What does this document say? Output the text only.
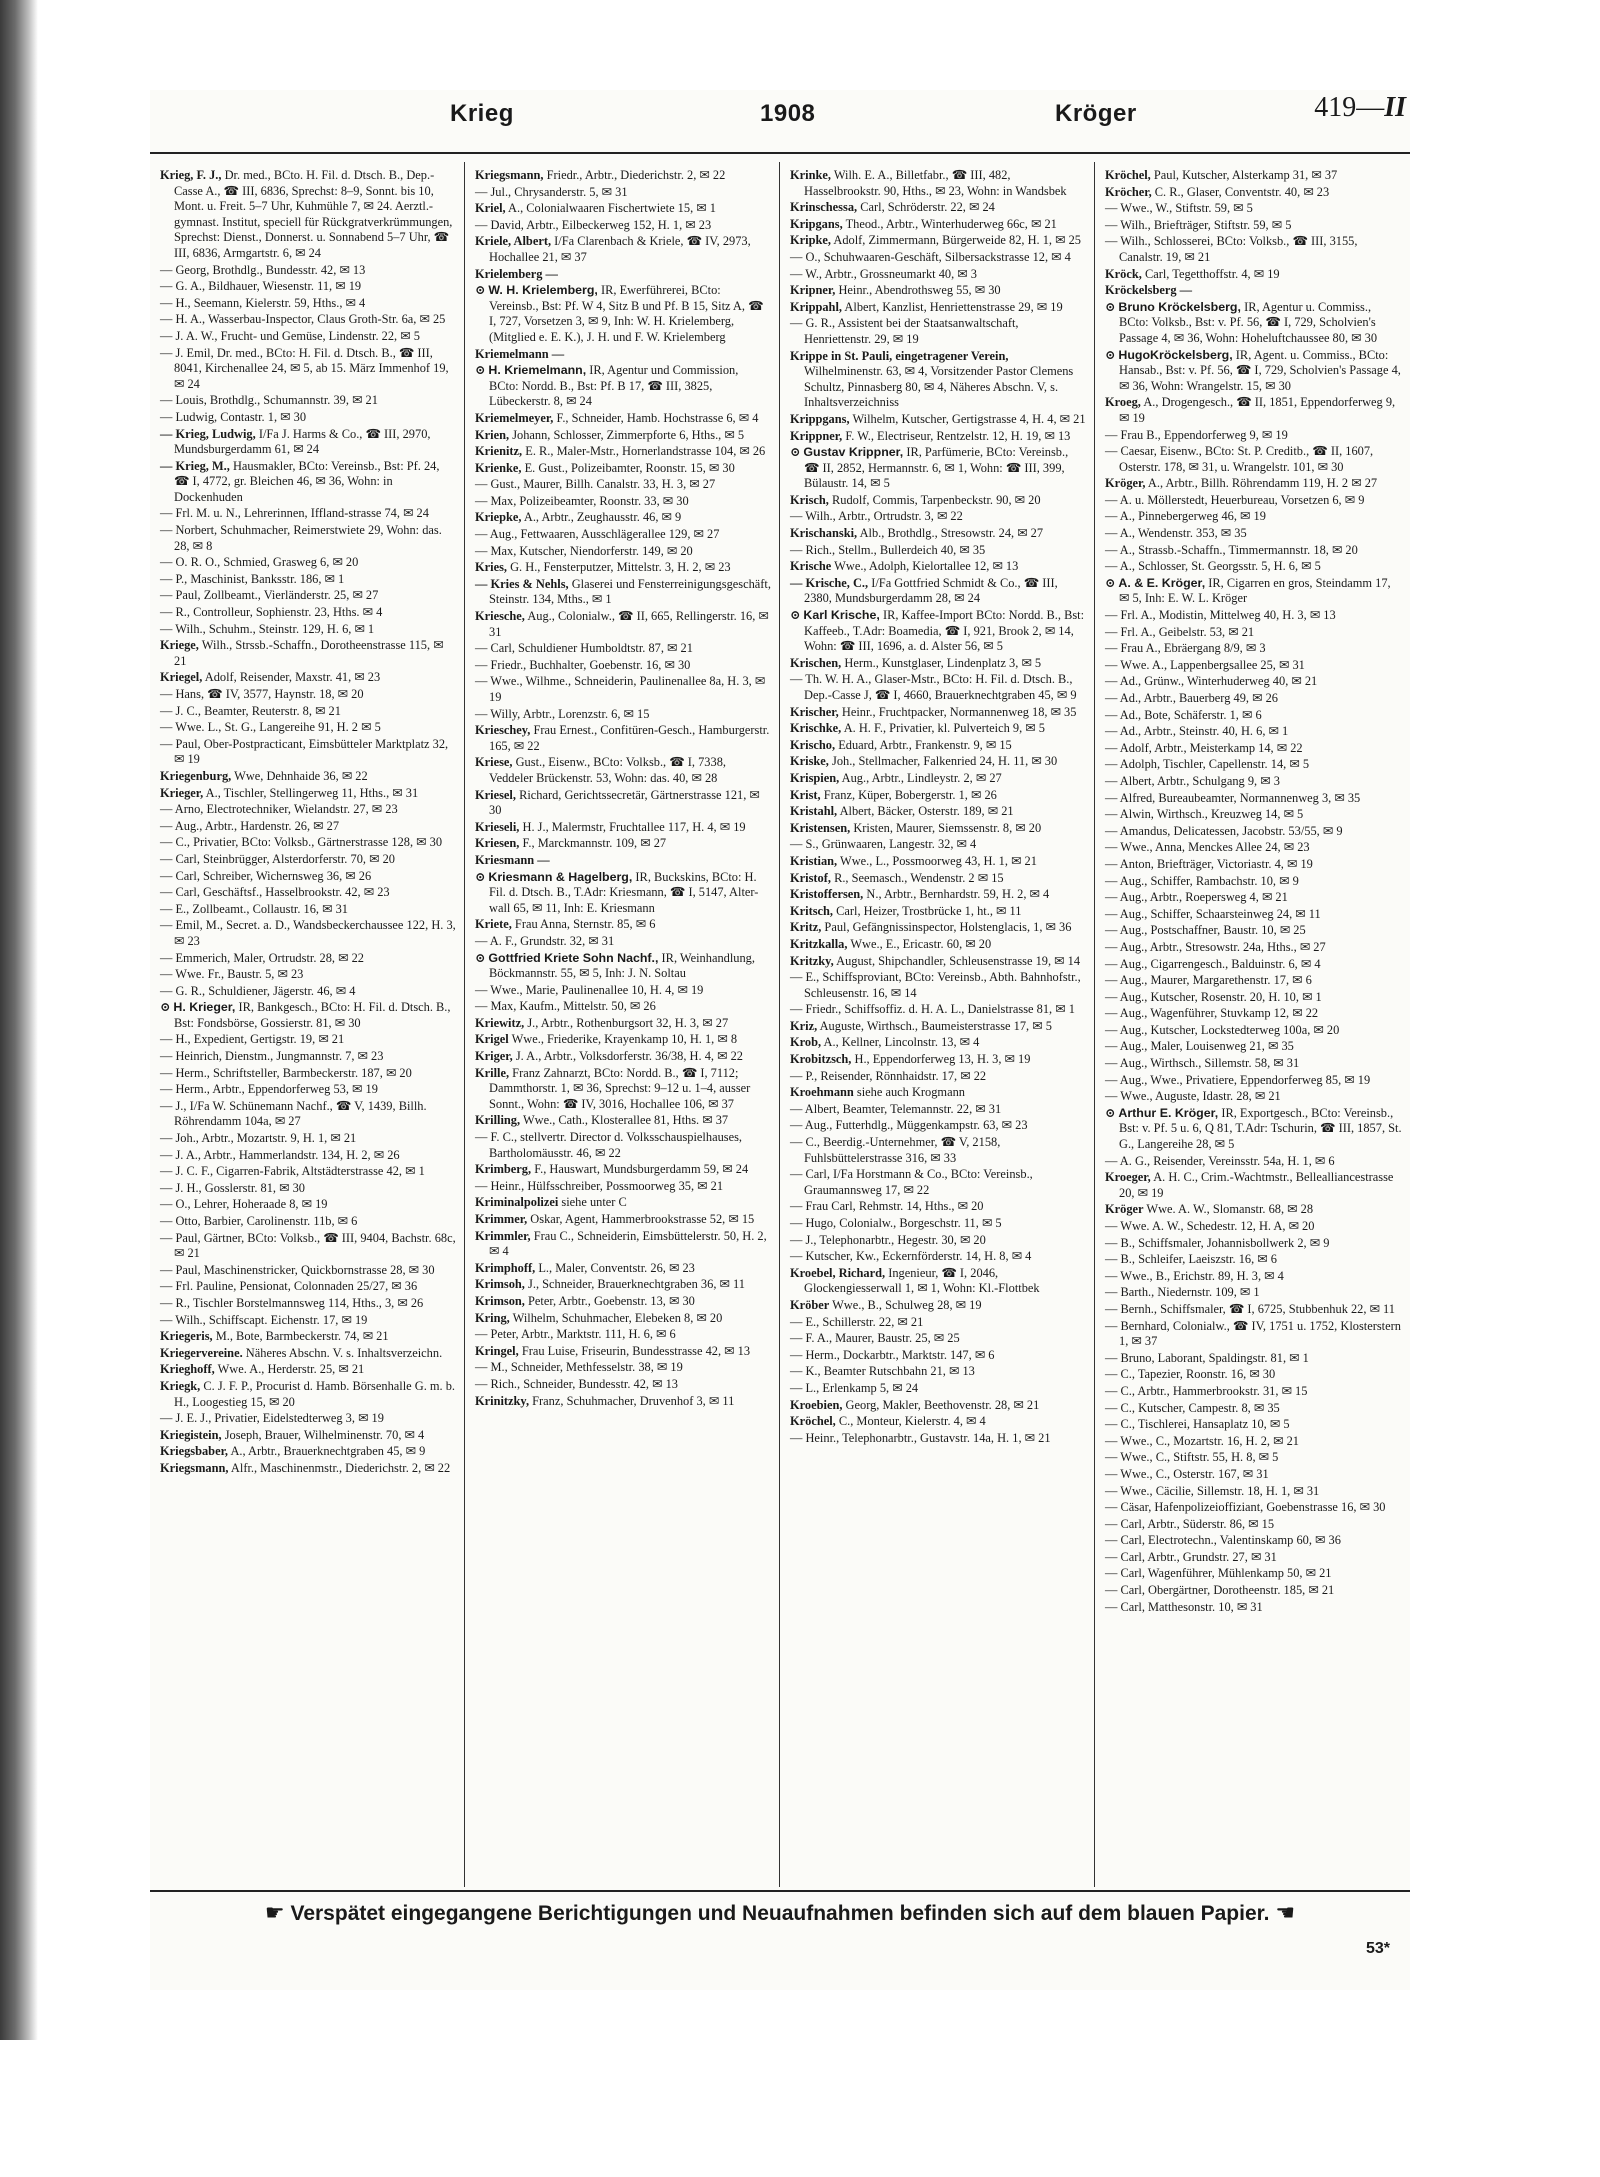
Krieg	1908	Kröger	419—II
Krieg, F. J., Dr. med., BCto. H. Fil. d. Dtsch. B., Dep.-Casse A., ☎ III, 6836, Sprechst: 8–9, Sonnt. bis 10, Mont. u. Freit. 5–7 Uhr, Kuhmühle 7, ✉ 24. Aerztl.-gymnast. Institut, speciell für Rückgratverkrümmungen, Sprechst: Dienst., Donnerst. u. Sonnabend 5–7 Uhr, ☎ III, 6836, Armgartstr. 6, ✉ 24
— Georg, Brothdlg., Bundesstr. 42, ✉ 13
— G. A., Bildhauer, Wiesenstr. 11, ✉ 19
— H., Seemann, Kielerstr. 59, Hths., ✉ 4
— H. A., Wasserbau-Inspector, Claus Groth-Str. 6a, ✉ 25
— J. A. W., Frucht- und Gemüse, Lindenstr. 22, ✉ 5
— J. Emil, Dr. med., BCto: H. Fil. d. Dtsch. B., ☎ III, 8041, Kirchenallee 24, ✉ 5, ab 15. März Immenhof 19, ✉ 24
— Louis, Brothdlg., Schumannstr. 39, ✉ 21
— Ludwig, Contastr. 1, ✉ 30
— Krieg, Ludwig, I/Fa J. Harms & Co., ☎ III, 2970, Mundsburgerdamm 61, ✉ 24
— Krieg, M., Hausmakler, BCto: Vereinsb., Bst: Pf. 24, ☎ I, 4772, gr. Bleichen 46, ✉ 36, Wohn: in Dockenhuden
— Frl. M. u. N., Lehrerinnen, Iffland-strasse 74, ✉ 24
— Norbert, Schuhmacher, Reimerstwiete 29, Wohn: das. 28, ✉ 8
— O. R. O., Schmied, Grasweg 6, ✉ 20
— P., Maschinist, Banksstr. 186, ✉ 1
— Paul, Zollbeamt., Vierländerstr. 25, ✉ 27
— R., Controlleur, Sophienstr. 23, Hths. ✉ 4
— Wilh., Schuhm., Steinstr. 129, H. 6, ✉ 1
Kriege, Wilh., Strssb.-Schaffn., Dorotheenstrasse 115, ✉ 21
Kriegel, Adolf, Reisender, Maxstr. 41, ✉ 23
— Hans, ☎ IV, 3577, Haynstr. 18, ✉ 20
— J. C., Beamter, Reuterstr. 8, ✉ 21
— Wwe. L., St. G., Langereihe 91, H. 2 ✉ 5
— Paul, Ober-Postpracticant, Eimsbütteler Marktplatz 32, ✉ 19
Kriegenburg, Wwe, Dehnhaide 36, ✉ 22
Krieger, A., Tischler, Stellingerweg 11, Hths., ✉ 31
— Arno, Electrotechniker, Wielandstr. 27, ✉ 23
— Aug., Arbtr., Hardenstr. 26, ✉ 27
— C., Privatier, BCto: Volksb., Gärtnerstrasse 128, ✉ 30
— Carl, Steinbrügger, Alsterdorferstr. 70, ✉ 20
— Carl, Schreiber, Wichernsweg 36, ✉ 26
— Carl, Geschäftsf., Hasselbrookstr. 42, ✉ 23
— E., Zollbeamt., Collaustr. 16, ✉ 31
— Emil, M., Secret. a. D., Wandsbeckerchaussee 122, H. 3, ✉ 23
— Emmerich, Maler, Ortrudstr. 28, ✉ 22
— Wwe. Fr., Baustr. 5, ✉ 23
— G. R., Schuldiener, Jägerstr. 46, ✉ 4
⊙ H. Krieger, IR, Bankgesch., BCto: H. Fil. d. Dtsch. B., Bst: Fondsbörse, Gossierstr. 81, ✉ 30
— H., Expedient, Gertigstr. 19, ✉ 21
— Heinrich, Dienstm., Jungmannstr. 7, ✉ 23
— Herm., Schriftsteller, Barmbeckerstr. 187, ✉ 20
— Herm., Arbtr., Eppendorferweg 53, ✉ 19
— J., I/Fa W. Schünemann Nachf., ☎ V, 1439, Billh. Röhrendamm 104a, ✉ 27
— Joh., Arbtr., Mozartstr. 9, H. 1, ✉ 21
— J. A., Arbtr., Hammerlandstr. 134, H. 2, ✉ 26
— J. C. F., Cigarren-Fabrik, Altstädterstrasse 42, ✉ 1
— J. H., Gosslerstr. 81, ✉ 30
— O., Lehrer, Hoheraade 8, ✉ 19
— Otto, Barbier, Carolinenstr. 11b, ✉ 6
— Paul, Gärtner, BCto: Volksb., ☎ III, 9404, Bachstr. 68c, ✉ 21
— Paul, Maschinenstricker, Quickbornstrasse 28, ✉ 30
— Frl. Pauline, Pensionat, Colonnaden 25/27, ✉ 36
— R., Tischler Borstelmannsweg 114, Hths., 3, ✉ 26
— Wilh., Schiffscapt. Eichenstr. 17, ✉ 19
Kriegeris, M., Bote, Barmbeckerstr. 74, ✉ 21
Kriegervereine. Näheres Abschn. V. s. Inhaltsverzeichn.
Krieghoff, Wwe. A., Herderstr. 25, ✉ 21
Kriegk, C. J. F. P., Procurist d. Hamb. Börsenhalle G. m. b. H., Loogestieg 15, ✉ 20
— J. E. J., Privatier, Eidelstedterweg 3, ✉ 19
Kriegistein, Joseph, Brauer, Wilhelminenstr. 70, ✉ 4
Kriegsbaber, A., Arbtr., Brauerknechtgraben 45, ✉ 9
Kriegsmann, Alfr., Maschinenmstr., Diederichstr. 2, ✉ 22
Kriegsmann, Friedr., Arbtr., Diederichstr. 2, ✉ 22
— Jul., Chrysanderstr. 5, ✉ 31
Kriel, A., Colonialwaaren Fischertwiete 15, ✉ 1
— David, Arbtr., Eilbeckerweg 152, H. 1, ✉ 23
Kriele, Albert, I/Fa Clarenbach & Kriele, ☎ IV, 2973, Hochallee 21, ✉ 37
Krielemberg —
⊙ W. H. Krielemberg, IR, Ewerführerei, BCto: Vereinsb., Bst: Pf. W 4, Sitz B und Pf. B 15, Sitz A, ☎ I, 727, Vorsetzen 3, ✉ 9, Inh: W. H. Krielemberg, (Mitglied e. E. K.), J. H. und F. W. Krielemberg
Kriemelmann —
⊙ H. Kriemelmann, IR, Agentur und Commission, BCto: Nordd. B., Bst: Pf. B 17, ☎ III, 3825, Lübeckerstr. 8, ✉ 24
Kriemelmeyer, F., Schneider, Hamb. Hochstrasse 6, ✉ 4
Krien, Johann, Schlosser, Zimmerpforte 6, Hths., ✉ 5
Krienitz, E. R., Maler-Mstr., Hornerlandstrasse 104, ✉ 26
Krienke, E. Gust., Polizeibamter, Roonstr. 15, ✉ 30
— Gust., Maurer, Billh. Canalstr. 33, H. 3, ✉ 27
— Max, Polizeibeamter, Roonstr. 33, ✉ 30
Kriepke, A., Arbtr., Zeughausstr. 46, ✉ 9
— Aug., Fettwaaren, Ausschlägerallee 129, ✉ 27
— Max, Kutscher, Niendorferstr. 149, ✉ 20
Kries, G. H., Fensterputzer, Mittelstr. 3, H. 2, ✉ 23
— Kries & Nehls, Glaserei und Fensterreinigungsgeschäft, Steinstr. 134, Mths., ✉ 1
Kriesche, Aug., Colonialw., ☎ II, 665, Rellingerstr. 16, ✉ 31
— Carl, Schuldiener Humboldtstr. 87, ✉ 21
— Friedr., Buchhalter, Goebenstr. 16, ✉ 30
— Wwe., Wilhme., Schneiderin, Paulinenallee 8a, H. 3, ✉ 19
— Willy, Arbtr., Lorenzstr. 6, ✉ 15
Krieschey, Frau Ernest., Confitüren-Gesch., Hamburgerstr. 165, ✉ 22
Kriese, Gust., Eisenw., BCto: Volksb., ☎ I, 7338, Veddeler Brückenstr. 53, Wohn: das. 40, ✉ 28
Kriesel, Richard, Gerichtssecretär, Gärtnerstrasse 121, ✉ 30
Krieseli, H. J., Malermstr, Fruchtallee 117, H. 4, ✉ 19
Kriesen, F., Marckmannstr. 109, ✉ 27
Kriesmann —
⊙ Kriesmann & Hagelberg, IR, Buckskins, BCto: H. Fil. d. Dtsch. B., T.Adr: Kriesmann, ☎ I, 5147, Alter-wall 65, ✉ 11, Inh: E. Kriesmann
Kriete, Frau Anna, Sternstr. 85, ✉ 6
— A. F., Grundstr. 32, ✉ 31
⊙ Gottfried Kriete Sohn Nachf., IR, Weinhandlung, Böckmannstr. 55, ✉ 5, Inh: J. N. Soltau
— Wwe., Marie, Paulinenallee 10, H. 4, ✉ 19
— Max, Kaufm., Mittelstr. 50, ✉ 26
Kriewitz, J., Arbtr., Rothenburgsort 32, H. 3, ✉ 27
Krigel Wwe., Friederike, Krayenkamp 10, H. 1, ✉ 8
Kriger, J. A., Arbtr., Volksdorferstr. 36/38, H. 4, ✉ 22
Krille, Franz Zahnarzt, BCto: Nordd. B., ☎ I, 7112; Dammthorstr. 1, ✉ 36, Sprechst: 9–12 u. 1–4, ausser Sonnt., Wohn: ☎ IV, 3016, Hochallee 106, ✉ 37
Krilling, Wwe., Cath., Klosterallee 81, Hths. ✉ 37
— F. C., stellvertr. Director d. Volksschauspielhauses, Bartholomäusstr. 46, ✉ 22
Krimberg, F., Hauswart, Mundsburgerdamm 59, ✉ 24
— Heinr., Hülfsschreiber, Possmoorweg 35, ✉ 21
Kriminalpolizei siehe unter C
Krimmer, Oskar, Agent, Hammerbrookstrasse 52, ✉ 15
Krimmler, Frau C., Schneiderin, Eimsbüttelerstr. 50, H. 2, ✉ 4
Krimphoff, L., Maler, Conventstr. 26, ✉ 23
Krimsoh, J., Schneider, Brauerknechtgraben 36, ✉ 11
Krimson, Peter, Arbtr., Goebenstr. 13, ✉ 30
Kring, Wilhelm, Schuhmacher, Elebeken 8, ✉ 20
— Peter, Arbtr., Marktstr. 111, H. 6, ✉ 6
Kringel, Frau Luise, Friseurin, Bundesstrasse 42, ✉ 13
— M., Schneider, Methfesselstr. 38, ✉ 19
— Rich., Schneider, Bundesstr. 42, ✉ 13
Krinitzky, Franz, Schuhmacher, Druvenhof 3, ✉ 11
Krinke, Wilh. E. A., Billetfabr., ☎ III, 482, Hasselbrookstr. 90, Hths., ✉ 23, Wohn: in Wandsbek
Krinschessa, Carl, Schröderstr. 22, ✉ 24
Kripgans, Theod., Arbtr., Winterhuderweg 66c, ✉ 21
Kripke, Adolf, Zimmermann, Bürgerweide 82, H. 1, ✉ 25
— O., Schuhwaaren-Geschäft, Silbersackstrasse 12, ✉ 4
— W., Arbtr., Grossneumarkt 40, ✉ 3
Kripner, Heinr., Abendrothsweg 55, ✉ 30
Krippahl, Albert, Kanzlist, Henriettenstrasse 29, ✉ 19
— G. R., Assistent bei der Staatsanwaltschaft, Henriettenstr. 29, ✉ 19
Krippe in St. Pauli, eingetragener Verein, Wilhelminenstr. 63, ✉ 4, Vorsitzender Pastor Clemens Schultz, Pinnasberg 80, ✉ 4, Näheres Abschn. V, s. Inhaltsverzeichniss
Krippgans, Wilhelm, Kutscher, Gertigstrasse 4, H. 4, ✉ 21
Krippner, F. W., Electriseur, Rentzelstr. 12, H. 19, ✉ 13
⊙ Gustav Krippner, IR, Parfümerie, BCto: Vereinsb., ☎ II, 2852, Hermannstr. 6, ✉ 1, Wohn: ☎ III, 399, Bülaustr. 14, ✉ 5
Krisch, Rudolf, Commis, Tarpenbeckstr. 90, ✉ 20
— Wilh., Arbtr., Ortrudstr. 3, ✉ 22
Krischanski, Alb., Brothdlg., Stresowstr. 24, ✉ 27
— Rich., Stellm., Bullerdeich 40, ✉ 35
Krische Wwe., Adolph, Kielortallee 12, ✉ 13
— Krische, C., I/Fa Gottfried Schmidt & Co., ☎ III, 2380, Mundsburgerdamm 28, ✉ 24
⊙ Karl Krische, IR, Kaffee-Import BCto: Nordd. B., Bst: Kaffeeb., T.Adr: Boamedia, ☎ I, 921, Brook 2, ✉ 14, Wohn: ☎ III, 1696, a. d. Alster 56, ✉ 5
Krischen, Herm., Kunstglaser, Lindenplatz 3, ✉ 5
— Th. W. H. A., Glaser-Mstr., BCto: H. Fil. d. Dtsch. B., Dep.-Casse J, ☎ I, 4660, Brauerknechtgraben 45, ✉ 9
Krischer, Heinr., Fruchtpacker, Normannenweg 18, ✉ 35
Krischke, A. H. F., Privatier, kl. Pulverteich 9, ✉ 5
Krischo, Eduard, Arbtr., Frankenstr. 9, ✉ 15
Kriske, Joh., Stellmacher, Falkenried 24, H. 11, ✉ 30
Krispien, Aug., Arbtr., Lindleystr. 2, ✉ 27
Krist, Franz, Küper, Bobergerstr. 1, ✉ 26
Kristahl, Albert, Bäcker, Osterstr. 189, ✉ 21
Kristensen, Kristen, Maurer, Siemssenstr. 8, ✉ 20
— S., Grünwaaren, Langestr. 32, ✉ 4
Kristian, Wwe., L., Possmoorweg 43, H. 1, ✉ 21
Kristof, R., Seemasch., Wendenstr. 2 ✉ 15
Kristoffersen, N., Arbtr., Bernhardstr. 59, H. 2, ✉ 4
Kritsch, Carl, Heizer, Trostbrücke 1, ht., ✉ 11
Kritz, Paul, Gefängnissinspector, Holstenglacis, 1, ✉ 36
Kritzkalla, Wwe., E., Ericastr. 60, ✉ 20
Kritzky, August, Shipchandler, Schleusenstrasse 19, ✉ 14
— E., Schiffsproviant, BCto: Vereinsb., Abth. Bahnhofstr., Schleusenstr. 16, ✉ 14
— Friedr., Schiffsoffiz. d. H. A. L., Danielstrasse 81, ✉ 1
Kriz, Auguste, Wirthsch., Baumeisterstrasse 17, ✉ 5
Krob, A., Kellner, Lincolnstr. 13, ✉ 4
Krobitzsch, H., Eppendorferweg 13, H. 3, ✉ 19
— P., Reisender, Rönnhaidstr. 17, ✉ 22
Kroehmann siehe auch Krogmann
— Albert, Beamter, Telemannstr. 22, ✉ 31
— Aug., Futterhdlg., Müggenkampstr. 63, ✉ 23
— C., Beerdig.-Unternehmer, ☎ V, 2158, Fuhlsbüttelerstrasse 316, ✉ 33
— Carl, I/Fa Horstmann & Co., BCto: Vereinsb., Graumannsweg 17, ✉ 22
— Frau Carl, Rehmstr. 14, Hths., ✉ 20
— Hugo, Colonialw., Borgeschstr. 11, ✉ 5
— J., Telephonarbtr., Hegestr. 30, ✉ 20
— Kutscher, Kw., Eckernförderstr. 14, H. 8, ✉ 4
Kroebel, Richard, Ingenieur, ☎ I, 2046, Glockengiesserwall 1, ✉ 1, Wohn: Kl.-Flottbek
Kröber Wwe., B., Schulweg 28, ✉ 19
— E., Schillerstr. 22, ✉ 21
— F. A., Maurer, Baustr. 25, ✉ 25
— Herm., Dockarbtr., Marktstr. 147, ✉ 6
— K., Beamter Rutschbahn 21, ✉ 13
— L., Erlenkamp 5, ✉ 24
Kroebien, Georg, Makler, Beethovenstr. 28, ✉ 21
Kröchel, C., Monteur, Kielerstr. 4, ✉ 4
— Heinr., Telephonarbtr., Gustavstr. 14a, H. 1, ✉ 21
Kröchel, Paul, Kutscher, Alsterkamp 31, ✉ 37
Kröcher, C. R., Glaser, Conventstr. 40, ✉ 23
— Wwe., W., Stiftstr. 59, ✉ 5
— Wilh., Briefträger, Stiftstr. 59, ✉ 5
— Wilh., Schlosserei, BCto: Volksb., ☎ III, 3155, Canalstr. 19, ✉ 21
Kröck, Carl, Tegetthoffstr. 4, ✉ 19
Kröckelsberg —
⊙ Bruno Kröckelsberg, IR, Agentur u. Commiss., BCto: Volksb., Bst: v. Pf. 56, ☎ I, 729, Scholvien's Passage 4, ✉ 36, Wohn: Hoheluftchaussee 80, ✉ 30
⊙ HugoKröckelsberg, IR, Agent. u. Commiss., BCto: Hansab., Bst: v. Pf. 56, ☎ I, 729, Scholvien's Passage 4, ✉ 36, Wohn: Wrangelstr. 15, ✉ 30
Kroeg, A., Drogengesch., ☎ II, 1851, Eppendorferweg 9, ✉ 19
— Frau B., Eppendorferweg 9, ✉ 19
— Caesar, Eisenw., BCto: St. P. Creditb., ☎ II, 1607, Osterstr. 178, ✉ 31, u. Wrangelstr. 101, ✉ 30
Kröger, A., Arbtr., Billh. Röhrendamm 119, H. 2 ✉ 27
— A. u. Möllerstedt, Heuerbureau, Vorsetzen 6, ✉ 9
— A., Pinnebergerweg 46, ✉ 19
— A., Wendenstr. 353, ✉ 35
— A., Strassb.-Schaffn., Timmermannstr. 18, ✉ 20
— A., Schlosser, St. Georgsstr. 5, H. 6, ✉ 5
⊙ A. & E. Kröger, IR, Cigarren en gros, Steindamm 17, ✉ 5, Inh: E. W. L. Kröger
— Frl. A., Modistin, Mittelweg 40, H. 3, ✉ 13
— Frl. A., Geibelstr. 53, ✉ 21
— Frau A., Ebräergang 8/9, ✉ 3
— Wwe. A., Lappenbergsallee 25, ✉ 31
— Ad., Grünw., Winterhuderweg 40, ✉ 21
— Ad., Arbtr., Bauerberg 49, ✉ 26
— Ad., Bote, Schäferstr. 1, ✉ 6
— Ad., Arbtr., Steinstr. 40, H. 6, ✉ 1
— Adolf, Arbtr., Meisterkamp 14, ✉ 22
— Adolph, Tischler, Capellenstr. 14, ✉ 5
— Albert, Arbtr., Schulgang 9, ✉ 3
— Alfred, Bureaubeamter, Normannenweg 3, ✉ 35
— Alwin, Wirthsch., Kreuzweg 14, ✉ 5
— Amandus, Delicatessen, Jacobstr. 53/55, ✉ 9
— Wwe., Anna, Menckes Allee 24, ✉ 23
— Anton, Briefträger, Victoriastr. 4, ✉ 19
— Aug., Schiffer, Rambachstr. 10, ✉ 9
— Aug., Arbtr., Roepersweg 4, ✉ 21
— Aug., Schiffer, Schaarsteinweg 24, ✉ 11
— Aug., Postschaffner, Baustr. 10, ✉ 25
— Aug., Arbtr., Stresowstr. 24a, Hths., ✉ 27
— Aug., Cigarrengesch., Balduinstr. 6, ✉ 4
— Aug., Maurer, Margarethenstr. 17, ✉ 6
— Aug., Kutscher, Rosenstr. 20, H. 10, ✉ 1
— Aug., Wagenführer, Stuvkamp 12, ✉ 22
— Aug., Kutscher, Lockstedterweg 100a, ✉ 20
— Aug., Maler, Louisenweg 21, ✉ 35
— Aug., Wirthsch., Sillemstr. 58, ✉ 31
— Aug., Wwe., Privatiere, Eppendorferweg 85, ✉ 19
— Wwe., Auguste, Idastr. 28, ✉ 21
⊙ Arthur E. Kröger, IR, Exportgesch., BCto: Vereinsb., Bst: v. Pf. 5 u. 6, Q 81, T.Adr: Tschurin, ☎ III, 1857, St. G., Langereihe 28, ✉ 5
— A. G., Reisender, Vereinsstr. 54a, H. 1, ✉ 6
Kroeger, A. H. C., Crim.-Wachtmstr., Bellealliancestrasse 20, ✉ 19
Kröger Wwe. A. W., Slomanstr. 68, ✉ 28
— Wwe. A. W., Schedestr. 12, H. A, ✉ 20
— B., Schiffsmaler, Johannisbollwerk 2, ✉ 9
— B., Schleifer, Laeiszstr. 16, ✉ 6
— Wwe., B., Erichstr. 89, H. 3, ✉ 4
— Barth., Niedernstr. 109, ✉ 1
— Bernh., Schiffsmaler, ☎ I, 6725, Stubbenhuk 22, ✉ 11
— Bernhard, Colonialw., ☎ IV, 1751 u. 1752, Klosterstern 1, ✉ 37
— Bruno, Laborant, Spaldingstr. 81, ✉ 1
— C., Tapezier, Roonstr. 16, ✉ 30
— C., Arbtr., Hammerbrookstr. 31, ✉ 15
— C., Kutscher, Campestr. 8, ✉ 35
— C., Tischlerei, Hansaplatz 10, ✉ 5
— Wwe., C., Mozartstr. 16, H. 2, ✉ 21
— Wwe., C., Stiftstr. 55, H. 8, ✉ 5
— Wwe., C., Osterstr. 167, ✉ 31
— Wwe., Cäcilie, Sillemstr. 18, H. 1, ✉ 31
— Cäsar, Hafenpolizeioffiziant, Goebenstrasse 16, ✉ 30
— Carl, Arbtr., Süderstr. 86, ✉ 15
— Carl, Electrotechn., Valentinskamp 60, ✉ 36
— Carl, Arbtr., Grundstr. 27, ✉ 31
— Carl, Wagenführer, Mühlenkamp 50, ✉ 21
— Carl, Obergärtner, Dorotheenstr. 185, ✉ 21
— Carl, Matthesonstr. 10, ✉ 31
☛ Verspätet eingegangene Berichtigungen und Neuaufnahmen befinden sich auf dem blauen Papier. ☚
53*
